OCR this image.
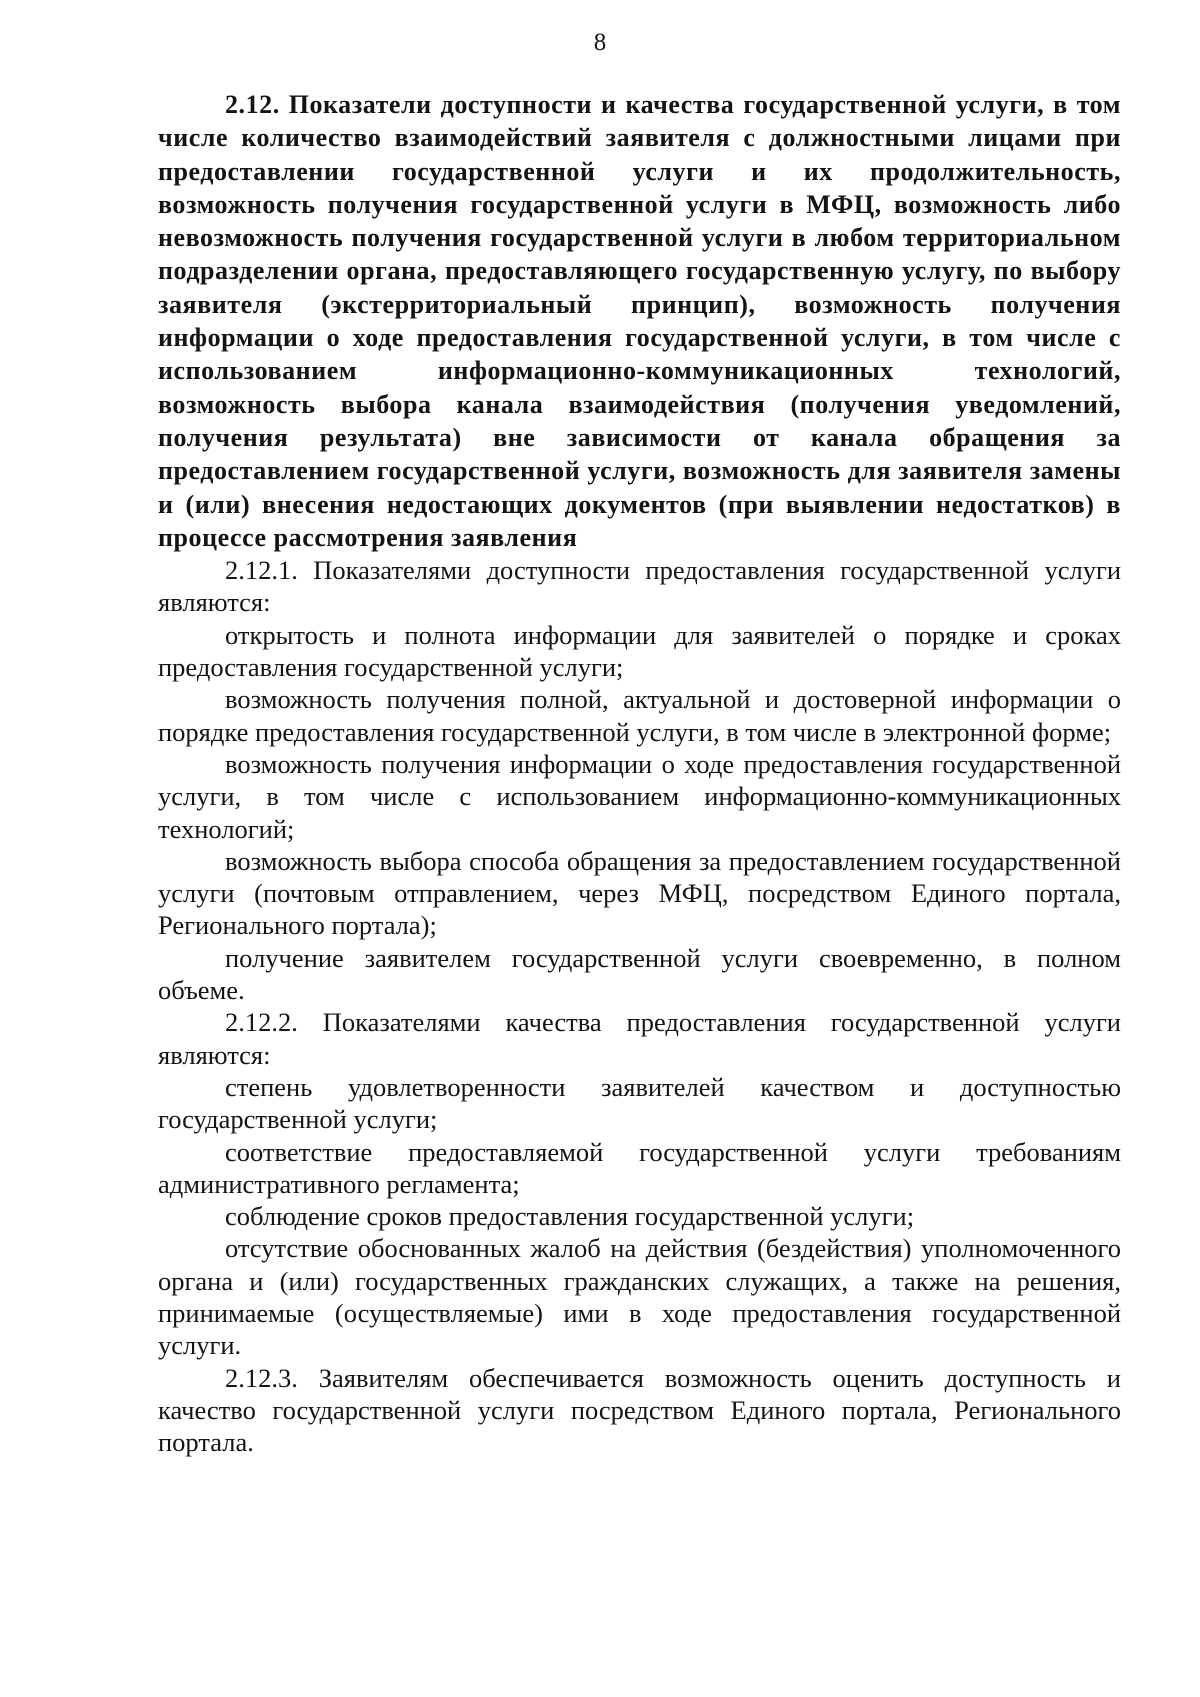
8

2.12. Показатели доступности и качества государственной услуги, в том числе количество взаимодействий заявителя с должностными лицами при предоставлении государственной услуги и их продолжительность, возможность получения государственной услуги в МФЦ, возможность либо невозможность получения государственной услуги в любом территориальном подразделении органа, предоставляющего государственную услугу, по выбору заявителя (экстерриториальный принцип), возможность получения информации о ходе предоставления государственной услуги, в том числе с использованием информационно-коммуникационных технологий, возможность выбора канала взаимодействия (получения уведомлений, получения результата) вне зависимости от канала обращения за предоставлением государственной услуги, возможность для заявителя замены и (или) внесения недостающих документов (при выявлении недостатков) в процессе рассмотрения заявления

2.12.1. Показателями доступности предоставления государственной услуги являются:

открытость и полнота информации для заявителей о порядке и сроках предоставления государственной услуги;

возможность получения полной, актуальной и достоверной информации о порядке предоставления государственной услуги, в том числе в электронной форме;

возможность получения информации о ходе предоставления государственной услуги, в том числе с использованием информационно-коммуникационных технологий;

возможность выбора способа обращения за предоставлением государственной услуги (почтовым отправлением, через МФЦ, посредством Единого портала, Регионального портала);

получение заявителем государственной услуги своевременно, в полном объеме.

2.12.2. Показателями качества предоставления государственной услуги являются:

степень удовлетворенности заявителей качеством и доступностью государственной услуги;

соответствие предоставляемой государственной услуги требованиям административного регламента;

соблюдение сроков предоставления государственной услуги;

отсутствие обоснованных жалоб на действия (бездействия) уполномоченного органа и (или) государственных гражданских служащих, а также на решения, принимаемые (осуществляемые) ими в ходе предоставления государственной услуги.

2.12.3. Заявителям обеспечивается возможность оценить доступность и качество государственной услуги посредством Единого портала, Регионального портала.
